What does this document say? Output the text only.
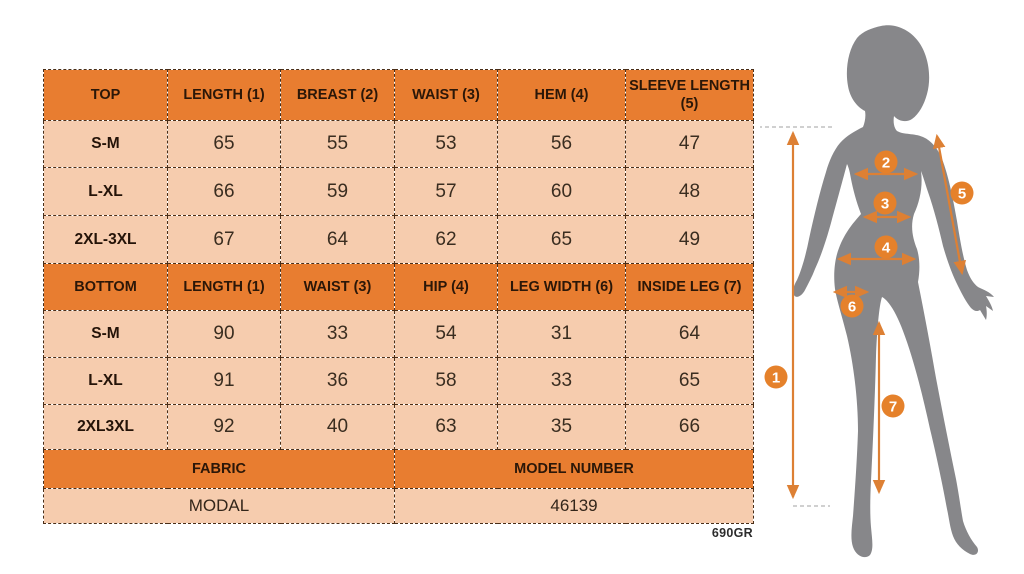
TOP	LENGTH (1)	BREAST (2)	WAIST (3)	HEM (4)	SLEEVE LENGTH (5)
S-M	65	55	53	56	47
L-XL	66	59	57	60	48
2XL-3XL	67	64	62	65	49
BOTTOM	LENGTH (1)	WAIST (3)	HIP (4)	LEG WIDTH (6)	INSIDE LEG (7)
S-M	90	33	54	31	64
L-XL	91	36	58	33	65
2XL3XL	92	40	63	35	66
FABRIC			MODEL NUMBER		
MODAL			46139		
690GR
1
2
3
4
5
6
7
